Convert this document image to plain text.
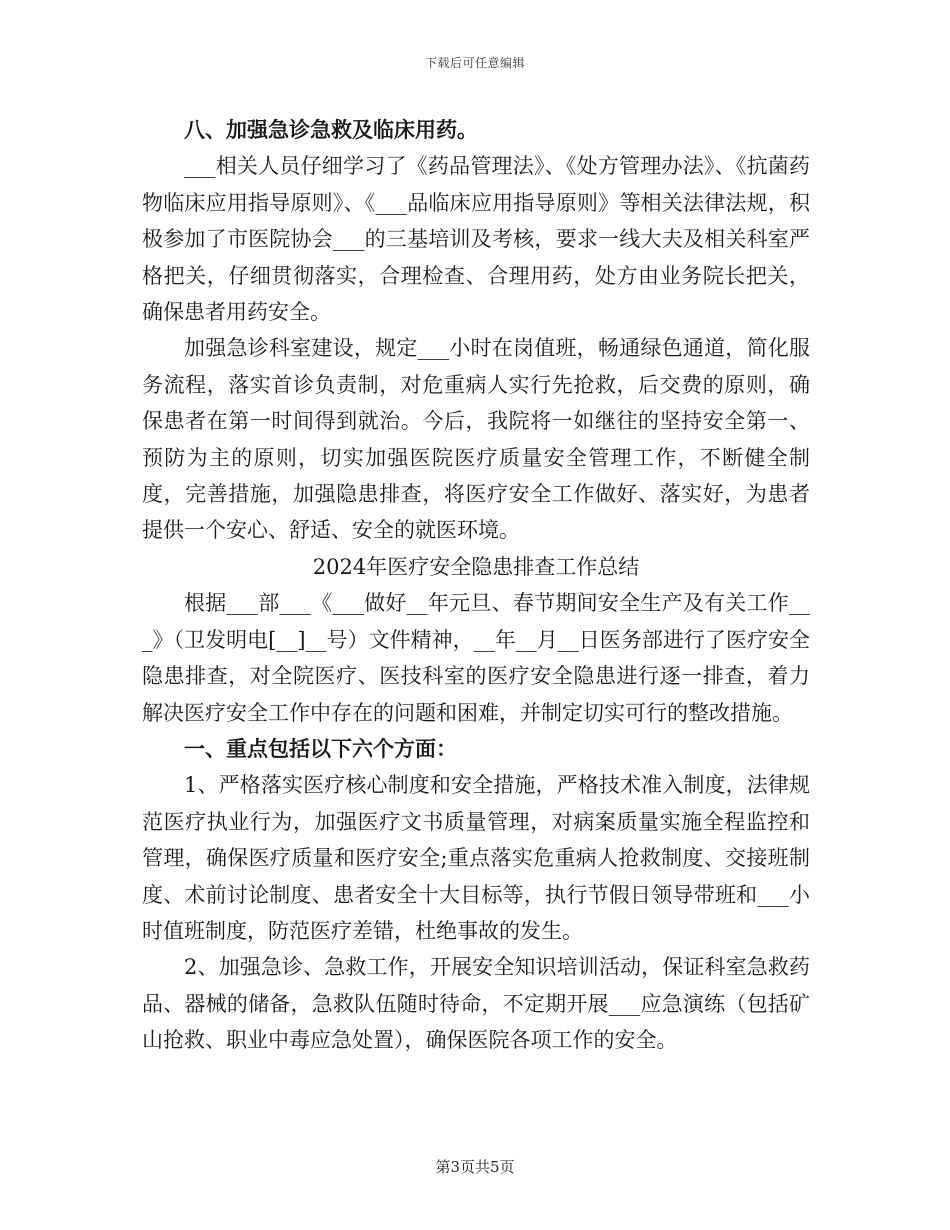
下载后可任意编辑

八、加强急诊急救及临床用药。

___相关人员仔细学习了《药品管理法》、《处方管理办法》、《抗菌药物临床应用指导原则》、《___品临床应用指导原则》等相关法律法规，积极参加了市医院协会___的三基培训及考核，要求一线大夫及相关科室严格把关，仔细贯彻落实，合理检查、合理用药，处方由业务院长把关，确保患者用药安全。

加强急诊科室建设，规定___小时在岗值班，畅通绿色通道，简化服务流程，落实首诊负责制，对危重病人实行先抢救，后交费的原则，确保患者在第一时间得到就治。今后，我院将一如继往的坚持安全第一、预防为主的原则，切实加强医院医疗质量安全管理工作，不断健全制度，完善措施，加强隐患排查，将医疗安全工作做好、落实好，为患者提供一个安心、舒适、安全的就医环境。

2024年医疗安全隐患排查工作总结

根据___部___《___做好__年元旦、春节期间安全生产及有关工作___》（卫发明电[__]__号）文件精神，__年__月__日医务部进行了医疗安全隐患排查，对全院医疗、医技科室的医疗安全隐患进行逐一排查，着力解决医疗安全工作中存在的问题和困难，并制定切实可行的整改措施。

一、重点包括以下六个方面：

1、严格落实医疗核心制度和安全措施，严格技术准入制度，法律规范医疗执业行为，加强医疗文书质量管理，对病案质量实施全程监控和管理，确保医疗质量和医疗安全;重点落实危重病人抢救制度、交接班制度、术前讨论制度、患者安全十大目标等，执行节假日领导带班和___小时值班制度，防范医疗差错，杜绝事故的发生。

2、加强急诊、急救工作，开展安全知识培训活动，保证科室急救药品、器械的储备，急救队伍随时待命，不定期开展___应急演练（包括矿山抢救、职业中毒应急处置），确保医院各项工作的安全。

第3页共5页
